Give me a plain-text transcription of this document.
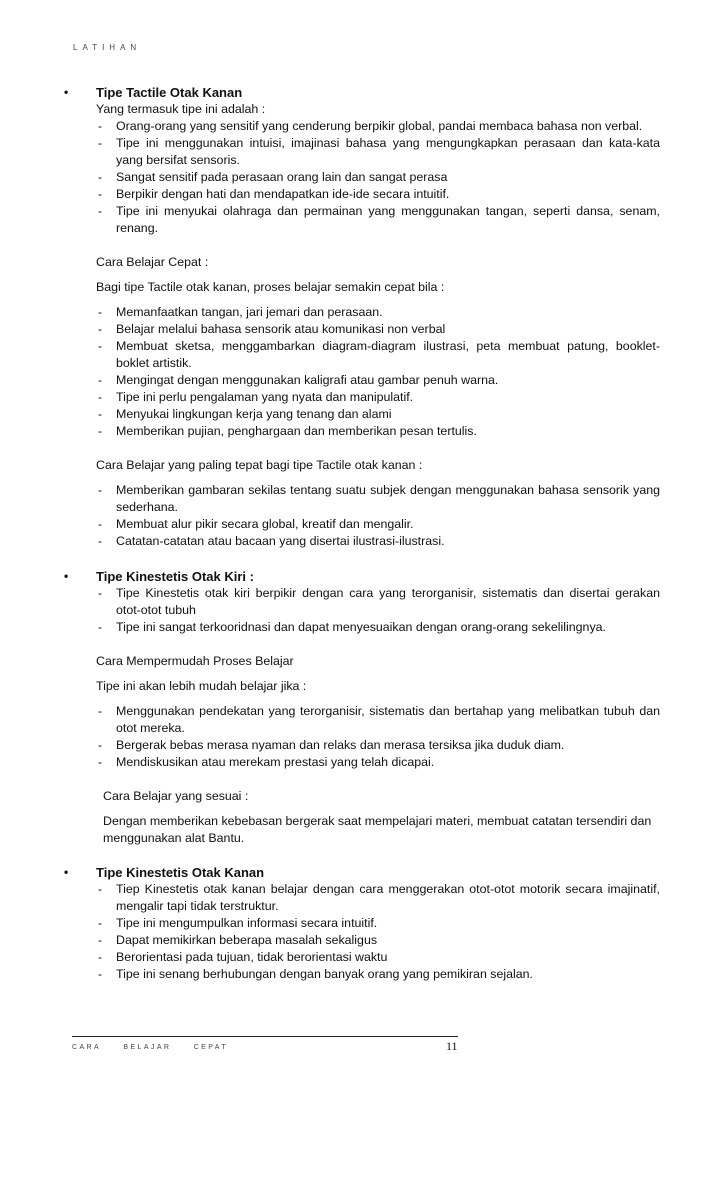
LATIHAN
• Tipe Tactile Otak Kanan

Yang termasuk tipe ini adalah :

- Orang-orang yang sensitif yang cenderung berpikir global, pandai membaca bahasa non verbal.
- Tipe ini menggunakan intuisi, imajinasi bahasa yang mengungkapkan perasaan dan kata-kata yang bersifat sensoris.
- Sangat sensitif pada perasaan orang lain dan sangat perasa
- Berpikir dengan hati dan mendapatkan ide-ide secara intuitif.
- Tipe ini menyukai olahraga dan permainan yang menggunakan tangan, seperti dansa, senam, renang.

Cara Belajar Cepat :

Bagi tipe Tactile otak kanan, proses belajar semakin cepat bila :

- Memanfaatkan tangan, jari jemari dan perasaan.
- Belajar melalui bahasa sensorik atau komunikasi non verbal
- Membuat sketsa, menggambarkan diagram-diagram ilustrasi, peta membuat patung, booklet-boklet artistik.
- Mengingat dengan menggunakan kaligrafi atau gambar penuh warna.
- Tipe ini perlu pengalaman yang nyata dan manipulatif.
- Menyukai lingkungan kerja yang tenang dan alami
- Memberikan pujian, penghargaan dan memberikan pesan tertulis.

Cara Belajar yang paling tepat bagi tipe Tactile otak kanan :

- Memberikan gambaran sekilas tentang suatu subjek dengan menggunakan bahasa sensorik yang sederhana.
- Membuat alur pikir secara global, kreatif dan mengalir.
- Catatan-catatan atau bacaan yang disertai ilustrasi-ilustrasi.
• Tipe Kinestetis Otak Kiri :
- Tipe Kinestetis otak kiri berpikir dengan cara yang terorganisir, sistematis dan disertai gerakan otot-otot tubuh
- Tipe ini sangat terkooridnasi dan dapat menyesuaikan dengan orang-orang sekelilingnya.

Cara Mempermudah Proses Belajar

Tipe ini akan lebih mudah belajar jika :

- Menggunakan pendekatan yang terorganisir, sistematis dan bertahap yang melibatkan tubuh dan otot mereka.
- Bergerak bebas merasa nyaman dan relaks dan merasa tersiksa jika duduk diam.
- Mendiskusikan atau merekam prestasi yang telah dicapai.

Cara Belajar yang sesuai :

Dengan memberikan kebebasan bergerak saat mempelajari materi, membuat catatan tersendiri dan menggunakan alat Bantu.

• Tipe Kinestetis Otak Kanan
- Tiep Kinestetis otak kanan belajar dengan cara menggerakan otot-otot motorik secara imajinatif, mengalir tapi tidak terstruktur.
- Tipe ini mengumpulkan informasi secara intuitif.
- Dapat memikirkan beberapa masalah sekaligus
- Berorientasi pada tujuan, tidak berorientasi waktu
- Tipe ini senang berhubungan dengan banyak orang yang pemikiran sejalan.
CARA	BELAJAR	CEPAT	11
